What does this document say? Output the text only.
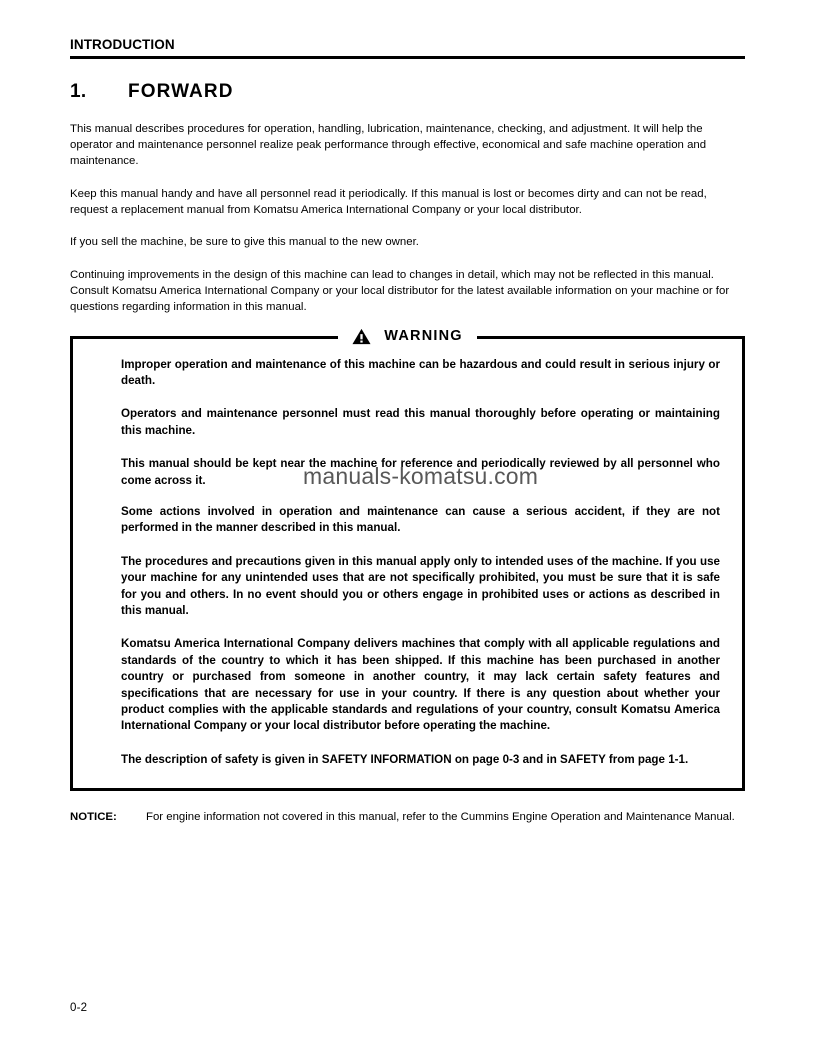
INTRODUCTION
1.	FORWARD

This manual describes procedures for operation, handling, lubrication, maintenance, checking, and adjustment. It will help the operator and maintenance personnel realize peak performance through effective, economical and safe machine operation and maintenance.

Keep this manual handy and have all personnel read it periodically. If this manual is lost or becomes dirty and can not be read, request a replacement manual from Komatsu America International Company or your local distributor.

If you sell the machine, be sure to give this manual to the new owner.

Continuing improvements in the design of this machine can lead to changes in detail, which may not be reflected in this manual. Consult Komatsu America International Company or your local distributor for the latest available information on your machine or for questions regarding information in this manual.

WARNING

Improper operation and maintenance of this machine can be hazardous and could result in serious injury or death.

Operators and maintenance personnel must read this manual thoroughly before operating or maintaining this machine.

This manual should be kept near the machine for reference and periodically reviewed by all personnel who come across it.

Some actions involved in operation and maintenance can cause a serious accident, if they are not performed in the manner described in this manual.

The procedures and precautions given in this manual apply only to intended uses of the machine. If you use your machine for any unintended uses that are not specifically prohibited, you must be sure that it is safe for you and others. In no event should you or others engage in prohibited uses or actions as described in this manual.

Komatsu America International Company delivers machines that comply with all applicable regulations and standards of the country to which it has been shipped. If this machine has been purchased in another country or purchased from someone in another country, it may lack certain safety features and specifications that are necessary for use in your country. If there is any question about whether your product complies with the applicable standards and regulations of your country, consult Komatsu America International Company or your local distributor before operating the machine.

The description of safety is given in SAFETY INFORMATION on page 0-3 and in SAFETY from page 1-1.

NOTICE:	For engine information not covered in this manual, refer to the Cummins Engine Operation and Maintenance Manual.
manuals-komatsu.com
0-2
